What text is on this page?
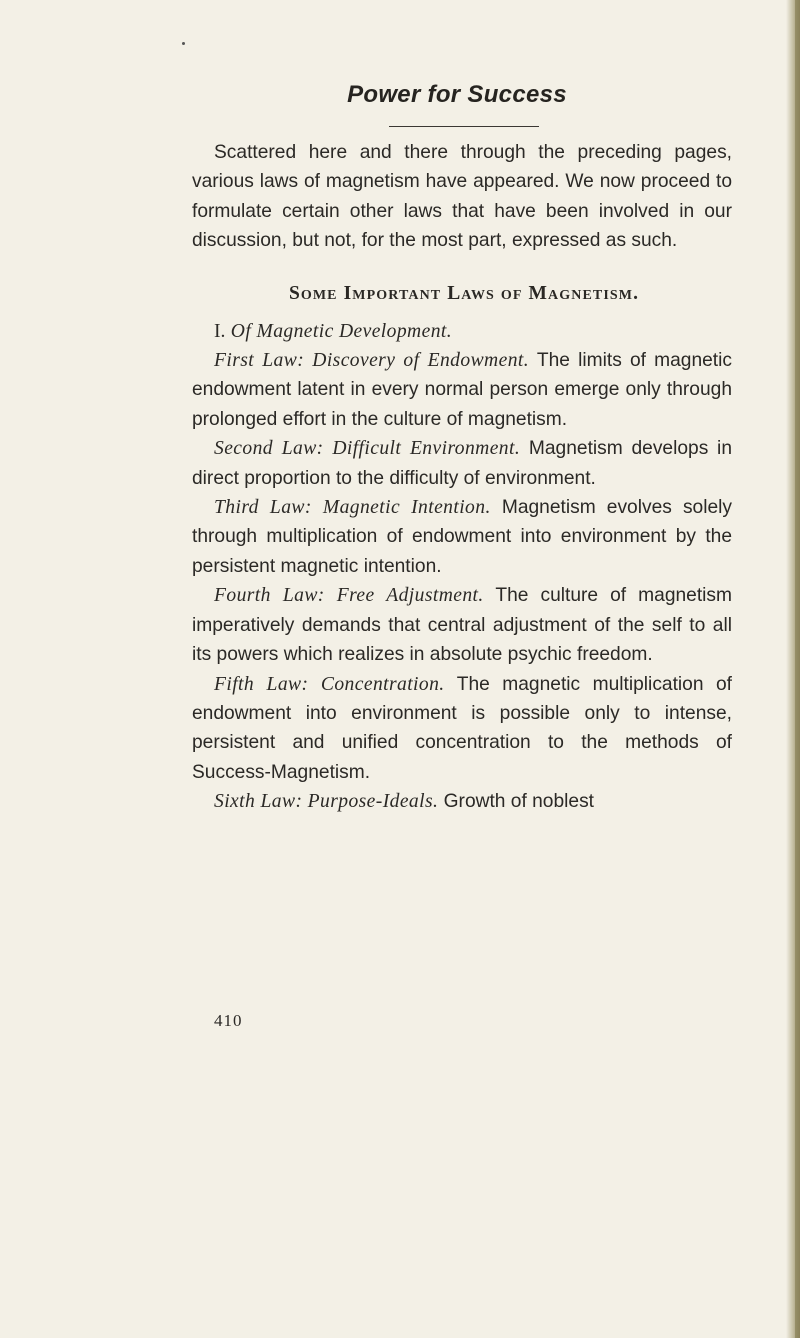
Power for Success

Scattered here and there through the preceding pages, various laws of magnetism have appeared. We now proceed to formulate certain other laws that have been involved in our discussion, but not, for the most part, expressed as such.

Some Important Laws of Magnetism.

I. Of Magnetic Development.

First Law: Discovery of Endowment. The limits of magnetic endowment latent in every normal person emerge only through prolonged effort in the culture of magnetism.

Second Law: Difficult Environment. Magnetism develops in direct proportion to the difficulty of environment.

Third Law: Magnetic Intention. Magnetism evolves solely through multiplication of endowment into environment by the persistent magnetic intention.

Fourth Law: Free Adjustment. The culture of magnetism imperatively demands that central adjustment of the self to all its powers which realizes in absolute psychic freedom.

Fifth Law: Concentration. The magnetic multiplication of endowment into environment is possible only to intense, persistent and unified concentration to the methods of Success-Magnetism.

Sixth Law: Purpose-Ideals. Growth of noblest

410
